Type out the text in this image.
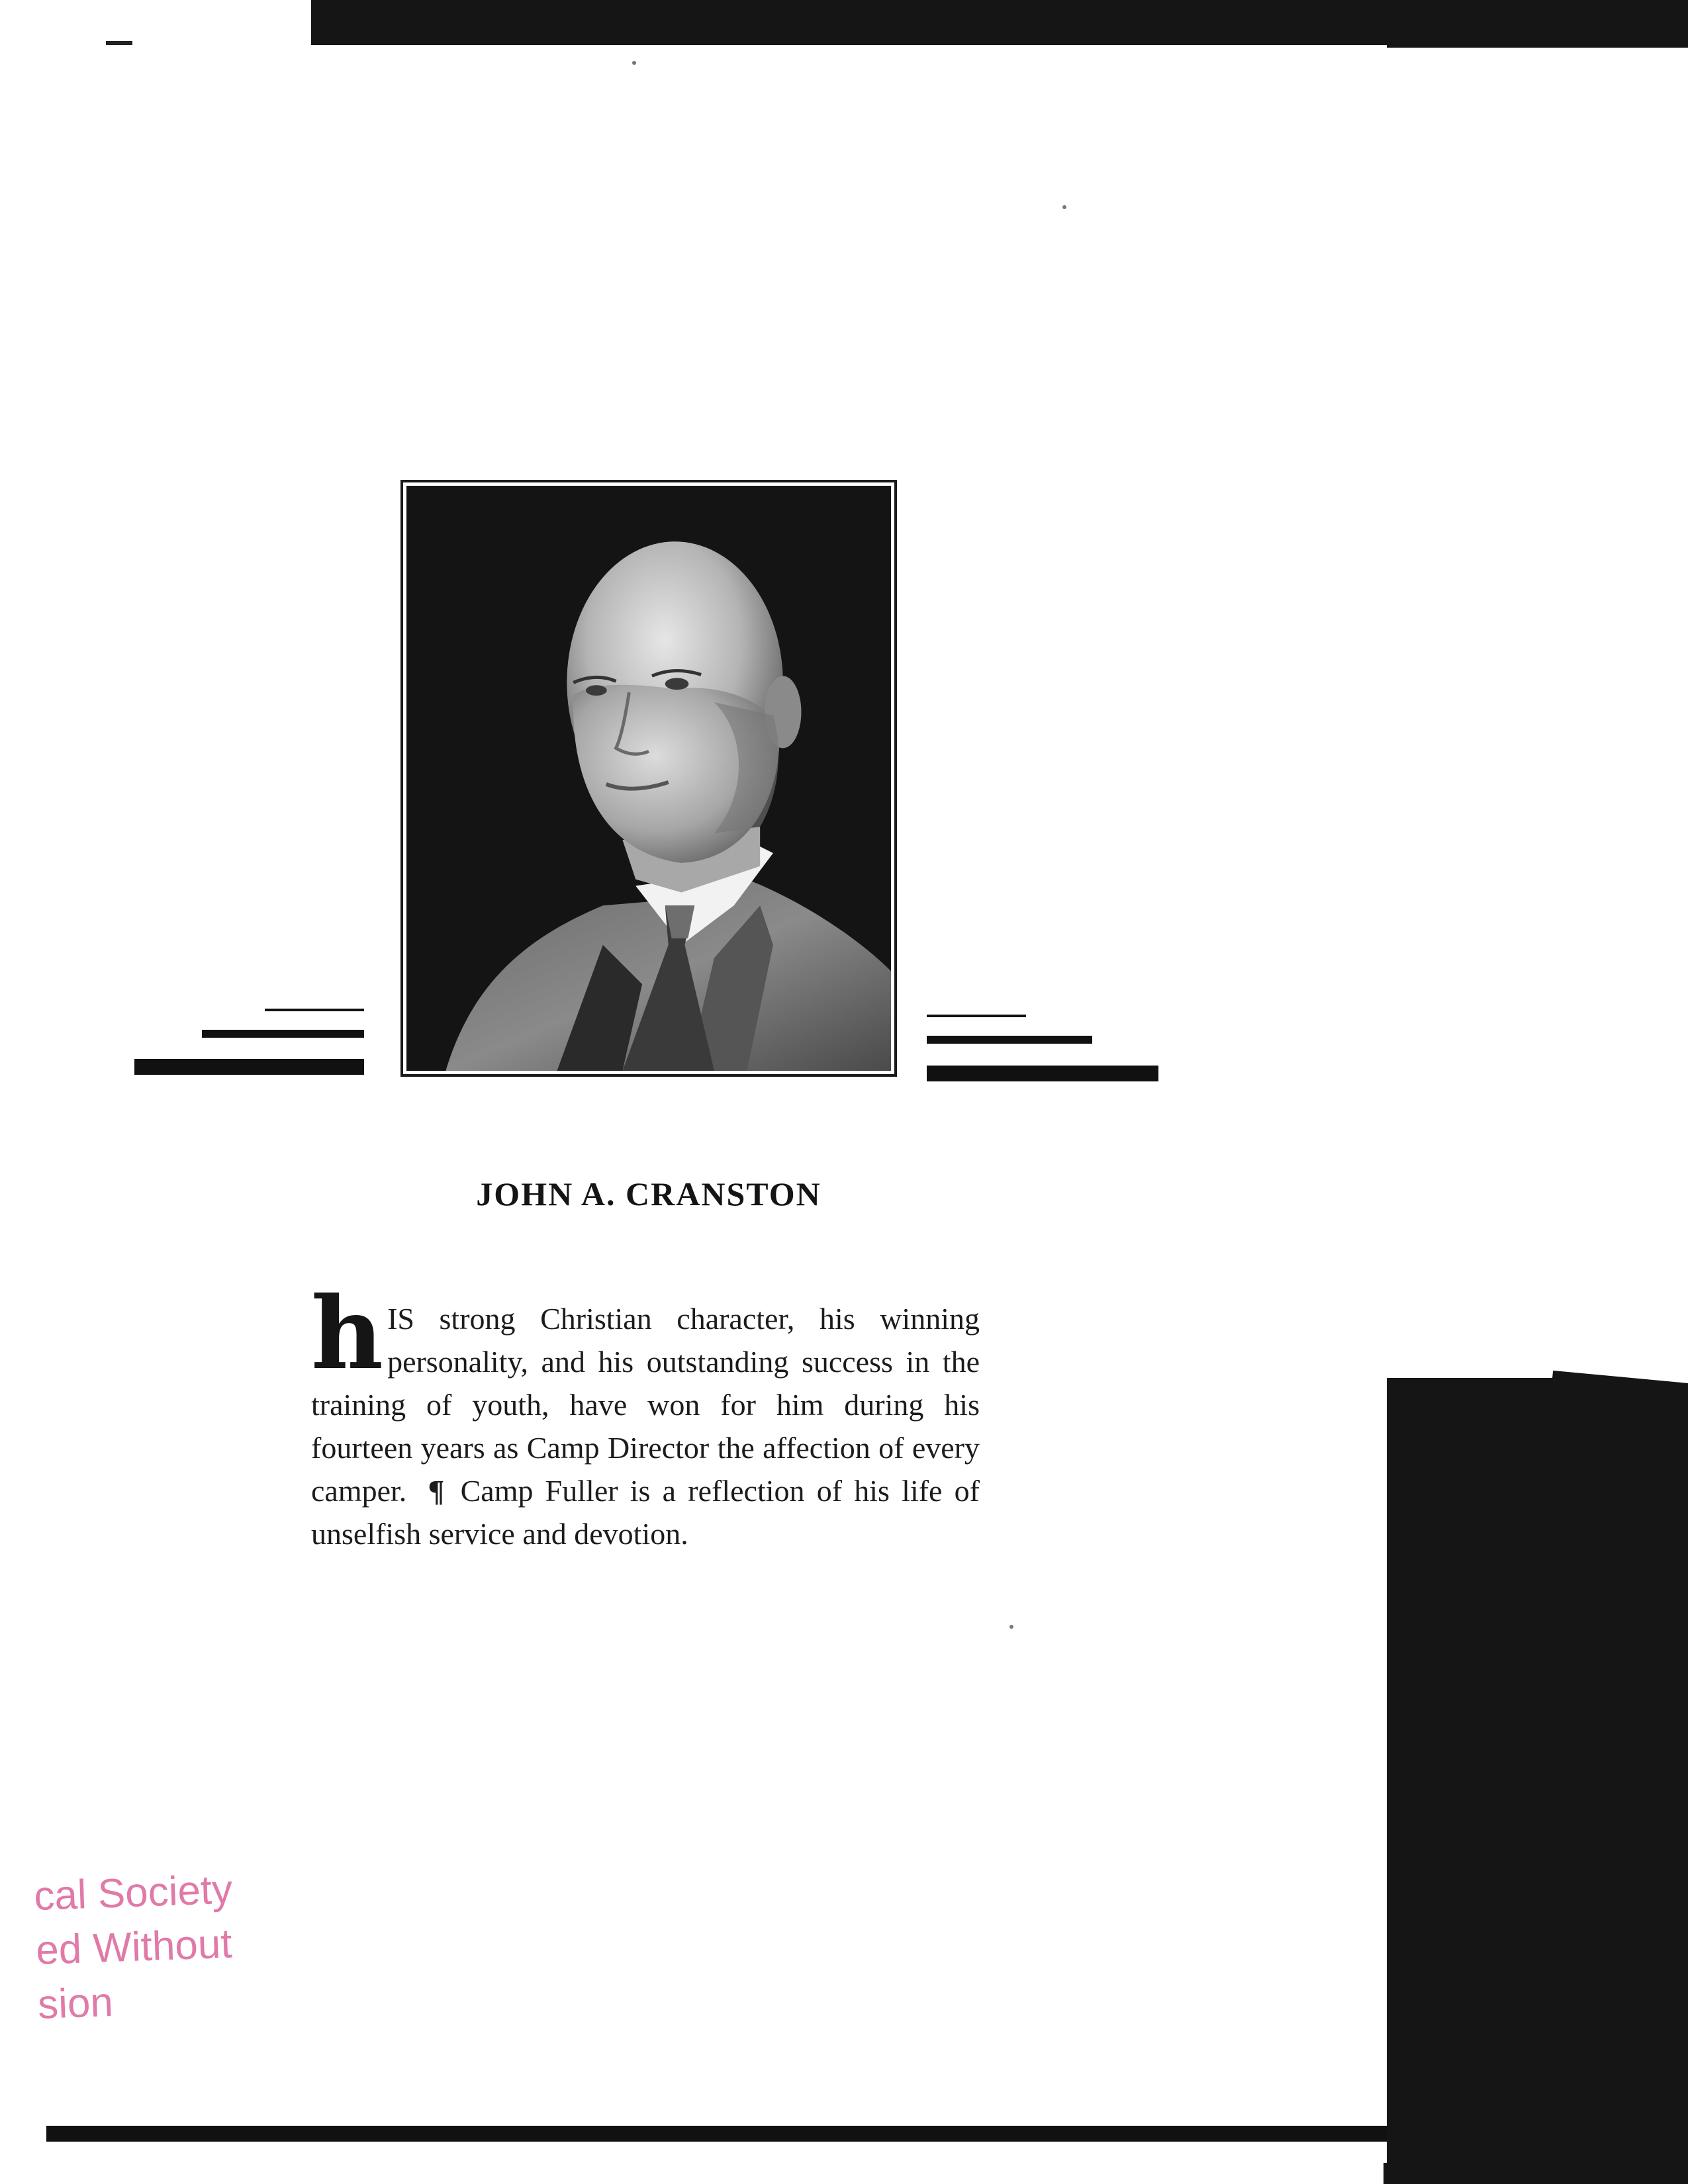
JOHN A. CRANSTON
h IS strong Christian character, his winning personality, and his outstanding success in the training of youth, have won for him during his fourteen years as Camp Director the affection of every camper. ¶ Camp Fuller is a reflection of his life of unselfish service and devotion.
cal Society
ed Without
sion
